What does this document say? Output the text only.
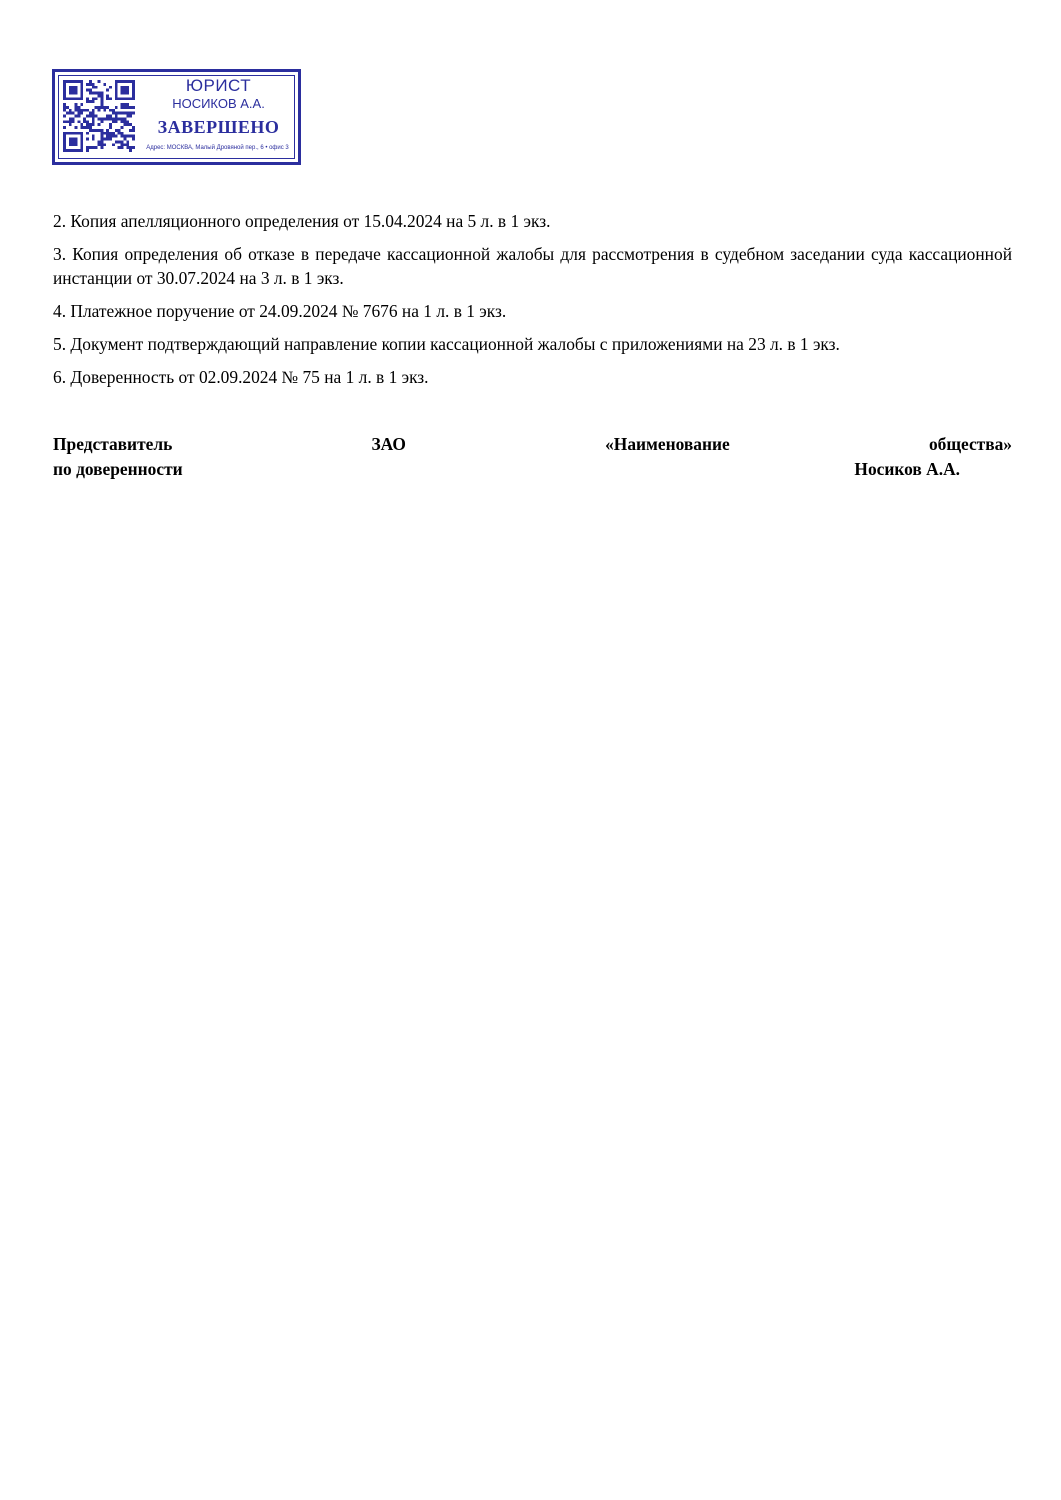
ЮРИСТ
НОСИКОВ А.А.
ЗАВЕРШЕНО
Адрес: МОСКВА, Малый Дровяной пер., 6 • офис 3

2. Копия апелляционного определения от 15.04.2024 на 5 л. в 1 экз.

3. Копия определения об отказе в передаче кассационной жалобы для рассмотрения в судебном заседании суда кассационной инстанции от 30.07.2024 на 3 л. в 1 экз.

4. Платежное поручение от 24.09.2024 № 7676 на 1 л. в 1 экз.

5. Документ подтверждающий направление копии кассационной жалобы с приложениями на 23 л. в 1 экз.

6. Доверенность от 02.09.2024 № 75 на 1 л. в 1 экз.

Представитель	ЗАО	«Наименование	общества»
по доверенности	Носиков А.А.
